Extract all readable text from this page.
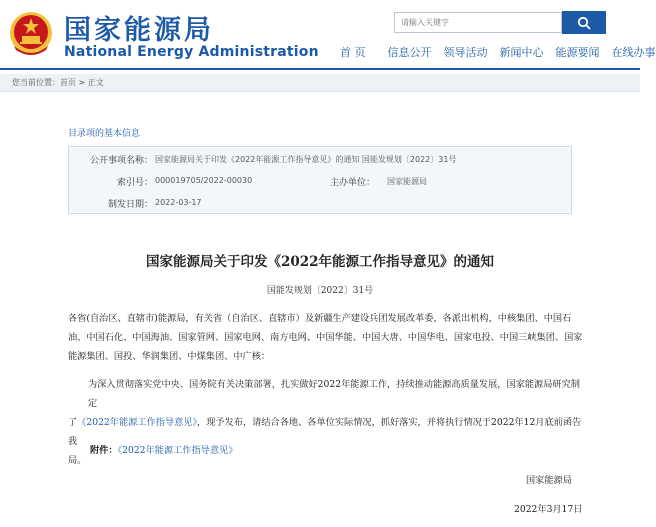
国家能源局
National Energy Administration
请输入关键字 首 页 信息公开 领导活动 新闻中心 能源要闻 在线办事
您当前位置：首页 > 正文
目录项的基本信息
公开事项名称： 国家能源局关于印发《2022年能源工作指导意见》的通知 国能发规划〔2022〕31号
索引号： 000019705/2022-00030	主办单位： 国家能源局
制发日期： 2022-03-17
国家能源局关于印发《2022年能源工作指导意见》的通知
国能发规划〔2022〕31号
各省(自治区、直辖市)能源局，有关省（自治区、直辖市）及新疆生产建设兵团发展改革委，各派出机构，中核集团、中国石
油、中国石化、中国海油、国家管网、国家电网、南方电网、中国华能、中国大唐、中国华电、国家电投、中国三峡集团、国家
能源集团、国投、华润集团、中煤集团、中广核：
为深入贯彻落实党中央、国务院有关决策部署，扎实做好2022年能源工作，持续推动能源高质量发展，国家能源局研究制定
了《2022年能源工作指导意见》，现予发布，请结合各地、各单位实际情况，抓好落实，并将执行情况于2022年12月底前函告我
局。
附件：《2022年能源工作指导意见》
国家能源局
2022年3月17日
